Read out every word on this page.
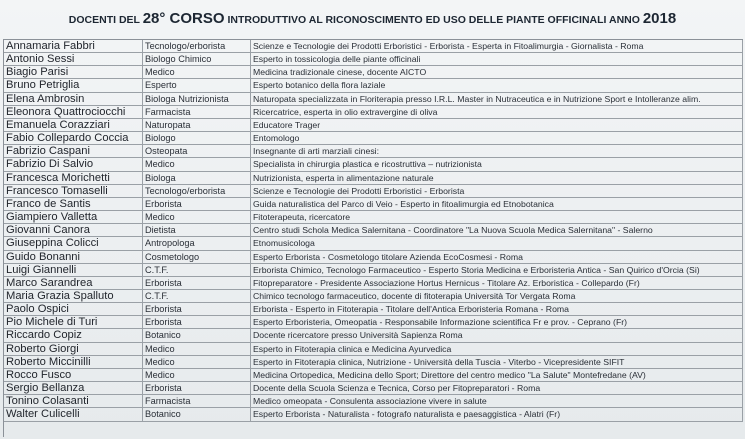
DOCENTI DEL 28° CORSO INTRODUTTIVO AL RICONOSCIMENTO ED USO DELLE PIANTE OFFICINALI ANNO 2018
Annamaria Fabbri	Tecnologo/erborista	Scienze e Tecnologie dei Prodotti Erboristici - Erborista - Esperta in Fitoalimurgia - Giornalista - Roma
Antonio Sessi	Biologo Chimico	Esperto in tossicologia delle piante officinali
Biagio Parisi	Medico	Medicina tradizionale cinese, docente AICTO
Bruno Petriglia	Esperto	Esperto botanico della flora laziale
Elena Ambrosin	Biologa Nutrizionista	Naturopata specializzata in Floriterapia presso I.R.L. Master in Nutraceutica e in Nutrizione Sport e Intolleranze alim.
Eleonora Quattrociocchi	Farmacista	Ricercatrice, esperta in olio extravergine di oliva
Emanuela Corazziari	Naturopata	Educatore Trager
Fabio Collepardo Coccia	Biologo	Entomologo
Fabrizio Caspani	Osteopata	Insegnante di arti marziali cinesi:
Fabrizio Di Salvio	Medico	Specialista in chirurgia plastica e ricostruttiva – nutrizionista
Francesca Morichetti	Biologa	Nutrizionista, esperta in alimentazione naturale
Francesco Tomaselli	Tecnologo/erborista	Scienze e Tecnologie dei Prodotti Erboristici - Erborista
Franco de Santis	Erborista	Guida naturalistica del Parco di Veio - Esperto in fitoalimurgia ed Etnobotanica
Giampiero Valletta	Medico	Fitoterapeuta, ricercatore
Giovanni Canora	Dietista	Centro studi Schola Medica Salernitana - Coordinatore "La Nuova Scuola Medica Salernitana" - Salerno
Giuseppina Colicci	Antropologa	Etnomusicologa
Guido Bonanni	Cosmetologo	Esperto Erborista - Cosmetologo titolare Azienda EcoCosmesi - Roma
Luigi Giannelli	C.T.F.	Erborista Chimico, Tecnologo Farmaceutico - Esperto Storia Medicina e Erboristeria Antica - San Quirico d'Orcia (Si)
Marco Sarandrea	Erborista	Fitopreparatore - Presidente Associazione Hortus Hernicus - Titolare Az. Erboristica - Collepardo (Fr)
Maria Grazia Spalluto	C.T.F.	Chimico tecnologo farmaceutico, docente di fitoterapia Università Tor Vergata Roma
Paolo Ospici	Erborista	Erborista - Esperto in Fitoterapia - Titolare dell'Antica Erboristeria Romana - Roma
Pio Michele di Turi	Erborista	Esperto Erboristeria, Omeopatia - Responsabile Informazione scientifica Fr e prov. - Ceprano (Fr)
Riccardo Copiz	Botanico	Docente ricercatore presso Università Sapienza Roma
Roberto Giorgi	Medico	Esperto in Fitoterapia clinica e Medicina Ayurvedica
Roberto Miccinilli	Medico	Esperto in Fitoterapia clinica, Nutrizione - Università della Tuscia - Viterbo - Vicepresidente SIFIT
Rocco Fusco	Medico	Medicina Ortopedica, Medicina dello Sport; Direttore del centro medico "La Salute" Montefredane (AV)
Sergio Bellanza	Erborista	Docente della Scuola Scienza e Tecnica, Corso per Fitopreparatori - Roma
Tonino Colasanti	Farmacista	Medico omeopata - Consulenta associazione vivere in salute
Walter Culicelli	Botanico	Esperto Erborista - Naturalista - fotografo naturalista e paesaggistica - Alatri (Fr)
